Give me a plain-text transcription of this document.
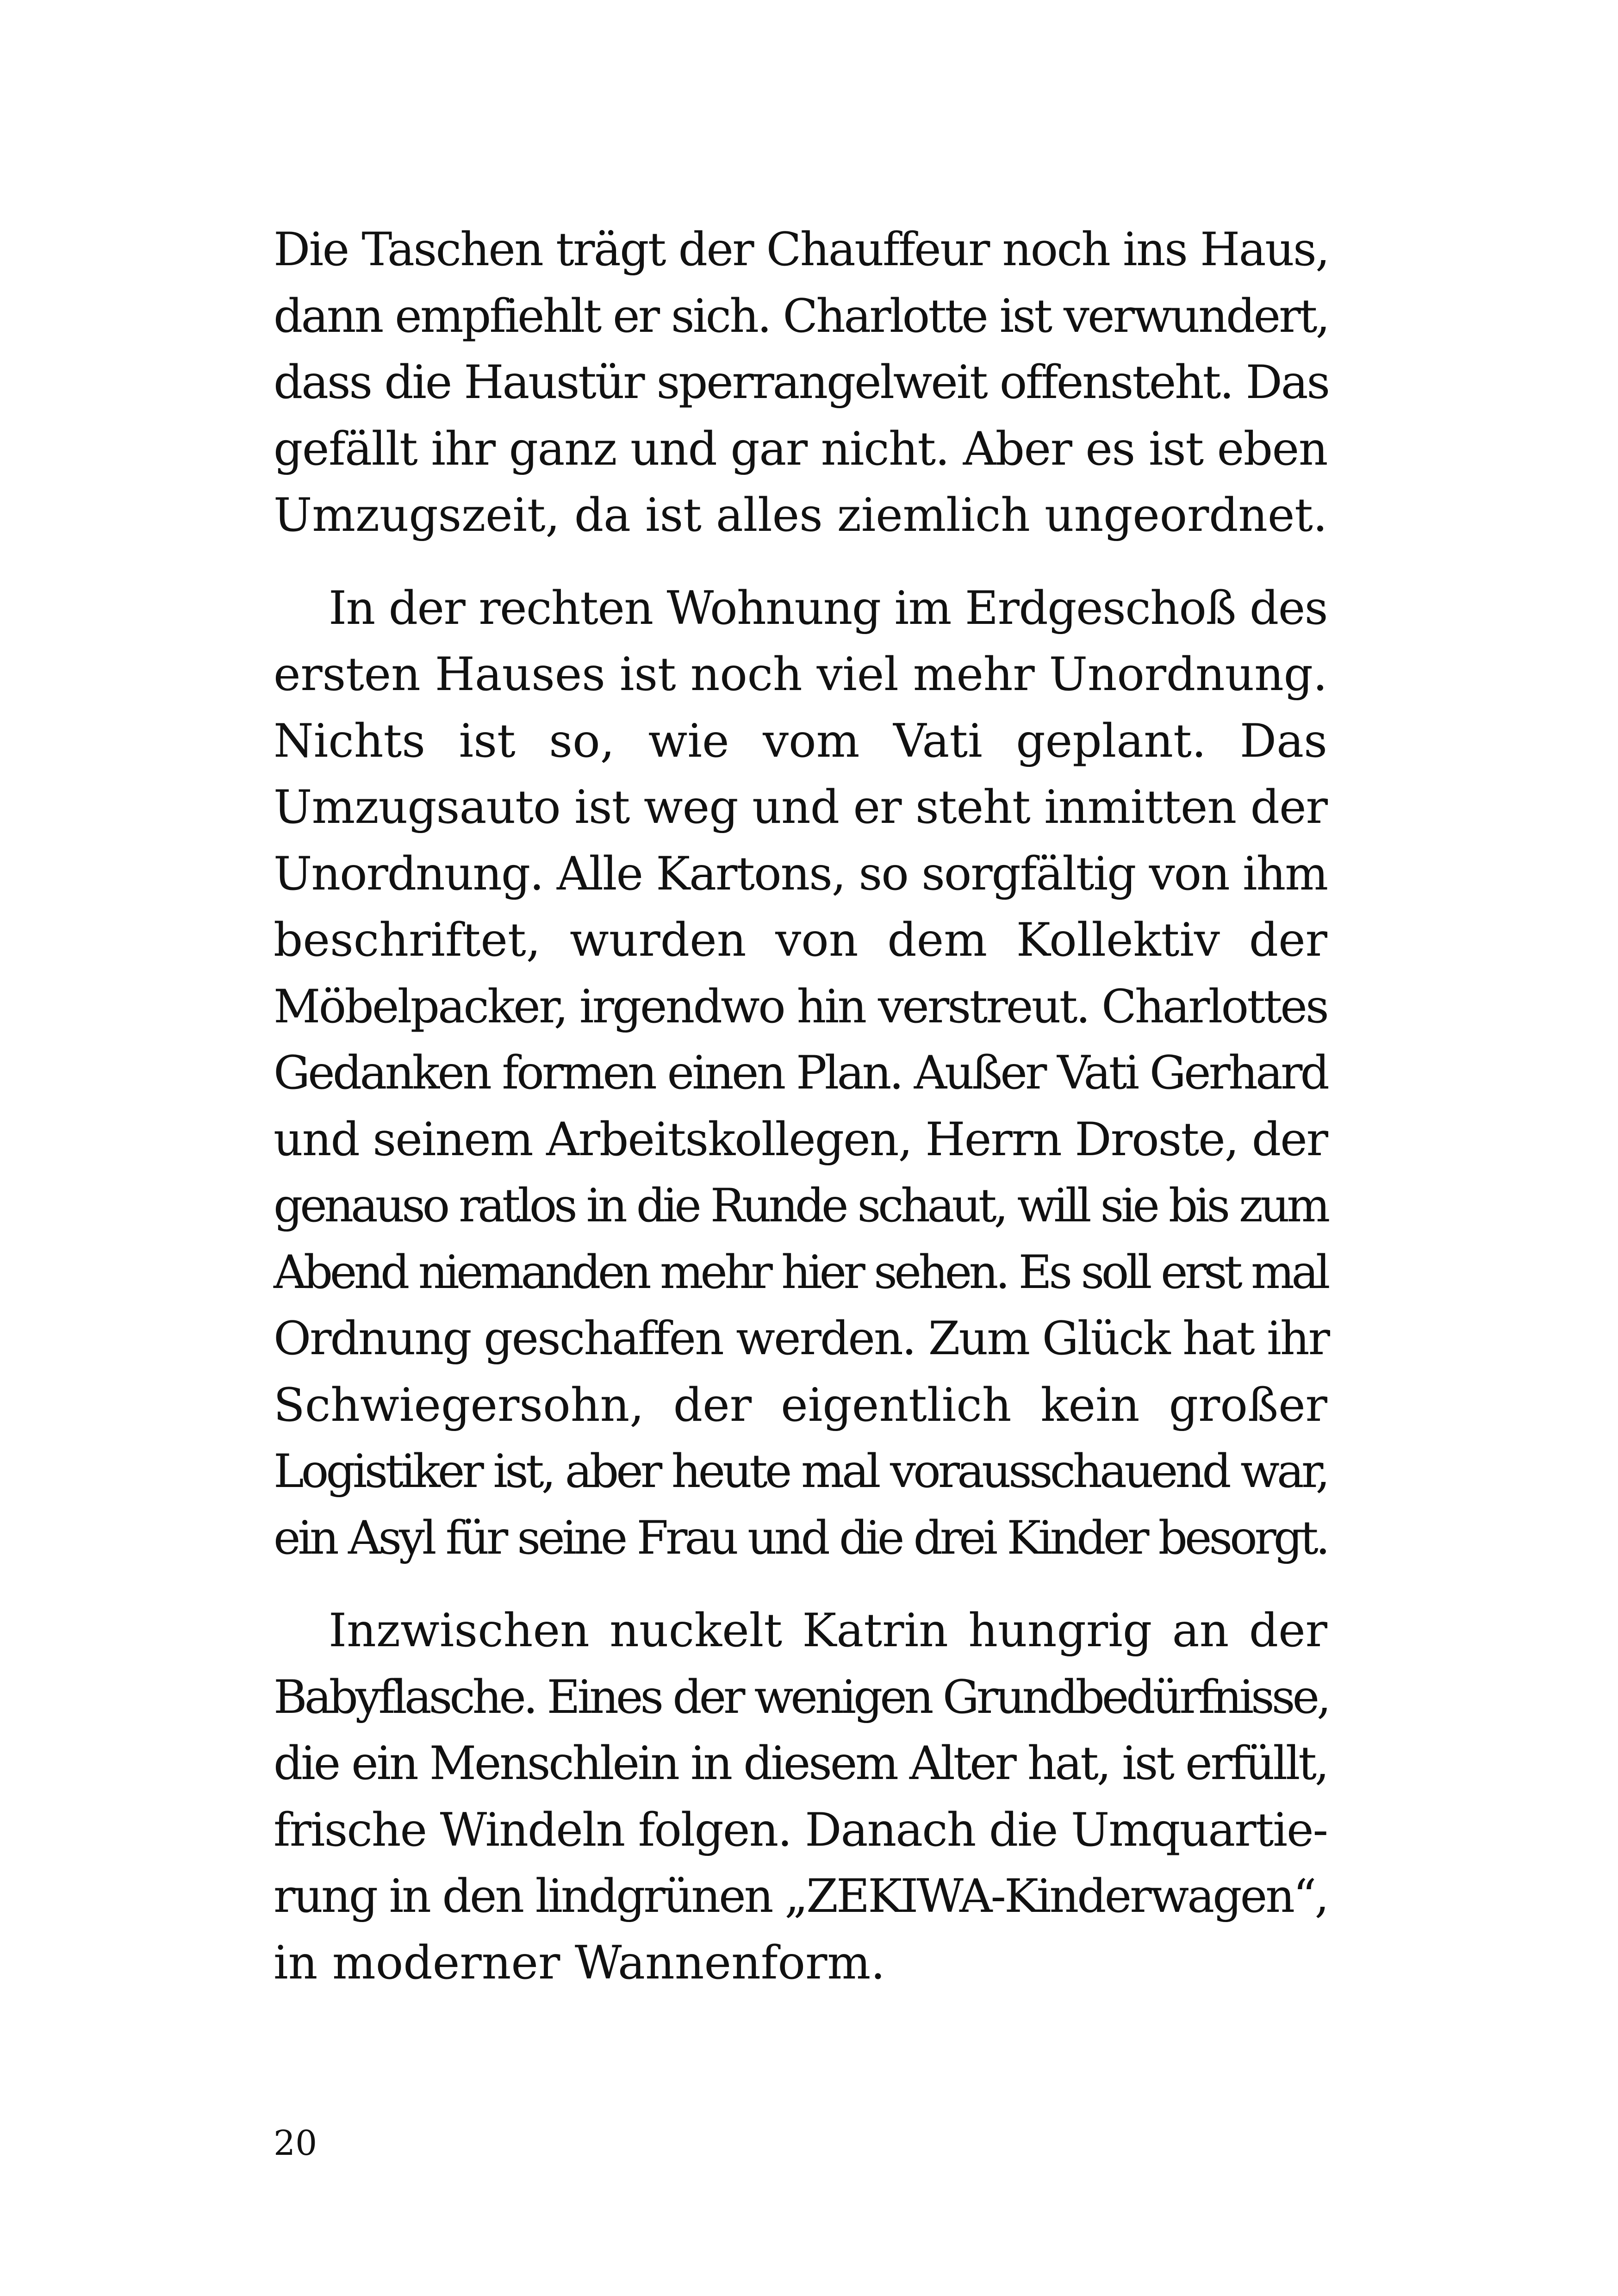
Die Taschen trägt der Chauffeur noch ins Haus,
dann empfiehlt er sich. Charlotte ist verwundert,
dass die Haustür sperrangelweit offensteht. Das
gefällt ihr ganz und gar nicht. Aber es ist eben
Umzugszeit, da ist alles ziemlich ungeordnet.

In der rechten Wohnung im Erdgeschoß des
ersten Hauses ist noch viel mehr Unordnung.
Nichts ist so, wie vom Vati geplant. Das
Umzugsauto ist weg und er steht inmitten der
Unordnung. Alle Kartons, so sorgfältig von ihm
beschriftet, wurden von dem Kollektiv der
Möbelpacker, irgendwo hin verstreut. Charlottes
Gedanken formen einen Plan. Außer Vati Gerhard
und seinem Arbeitskollegen, Herrn Droste, der
genauso ratlos in die Runde schaut, will sie bis zum
Abend niemanden mehr hier sehen. Es soll erst mal
Ordnung geschaffen werden. Zum Glück hat ihr
Schwiegersohn, der eigentlich kein großer
Logistiker ist, aber heute mal vorausschauend war,
ein Asyl für seine Frau und die drei Kinder besorgt.

Inzwischen nuckelt Katrin hungrig an der
Babyflasche. Eines der wenigen Grundbedürfnisse,
die ein Menschlein in diesem Alter hat, ist erfüllt,
frische Windeln folgen. Danach die Umquartie-
rung in den lindgrünen „ZEKIWA-Kinderwagen“,
in moderner Wannenform.

20
